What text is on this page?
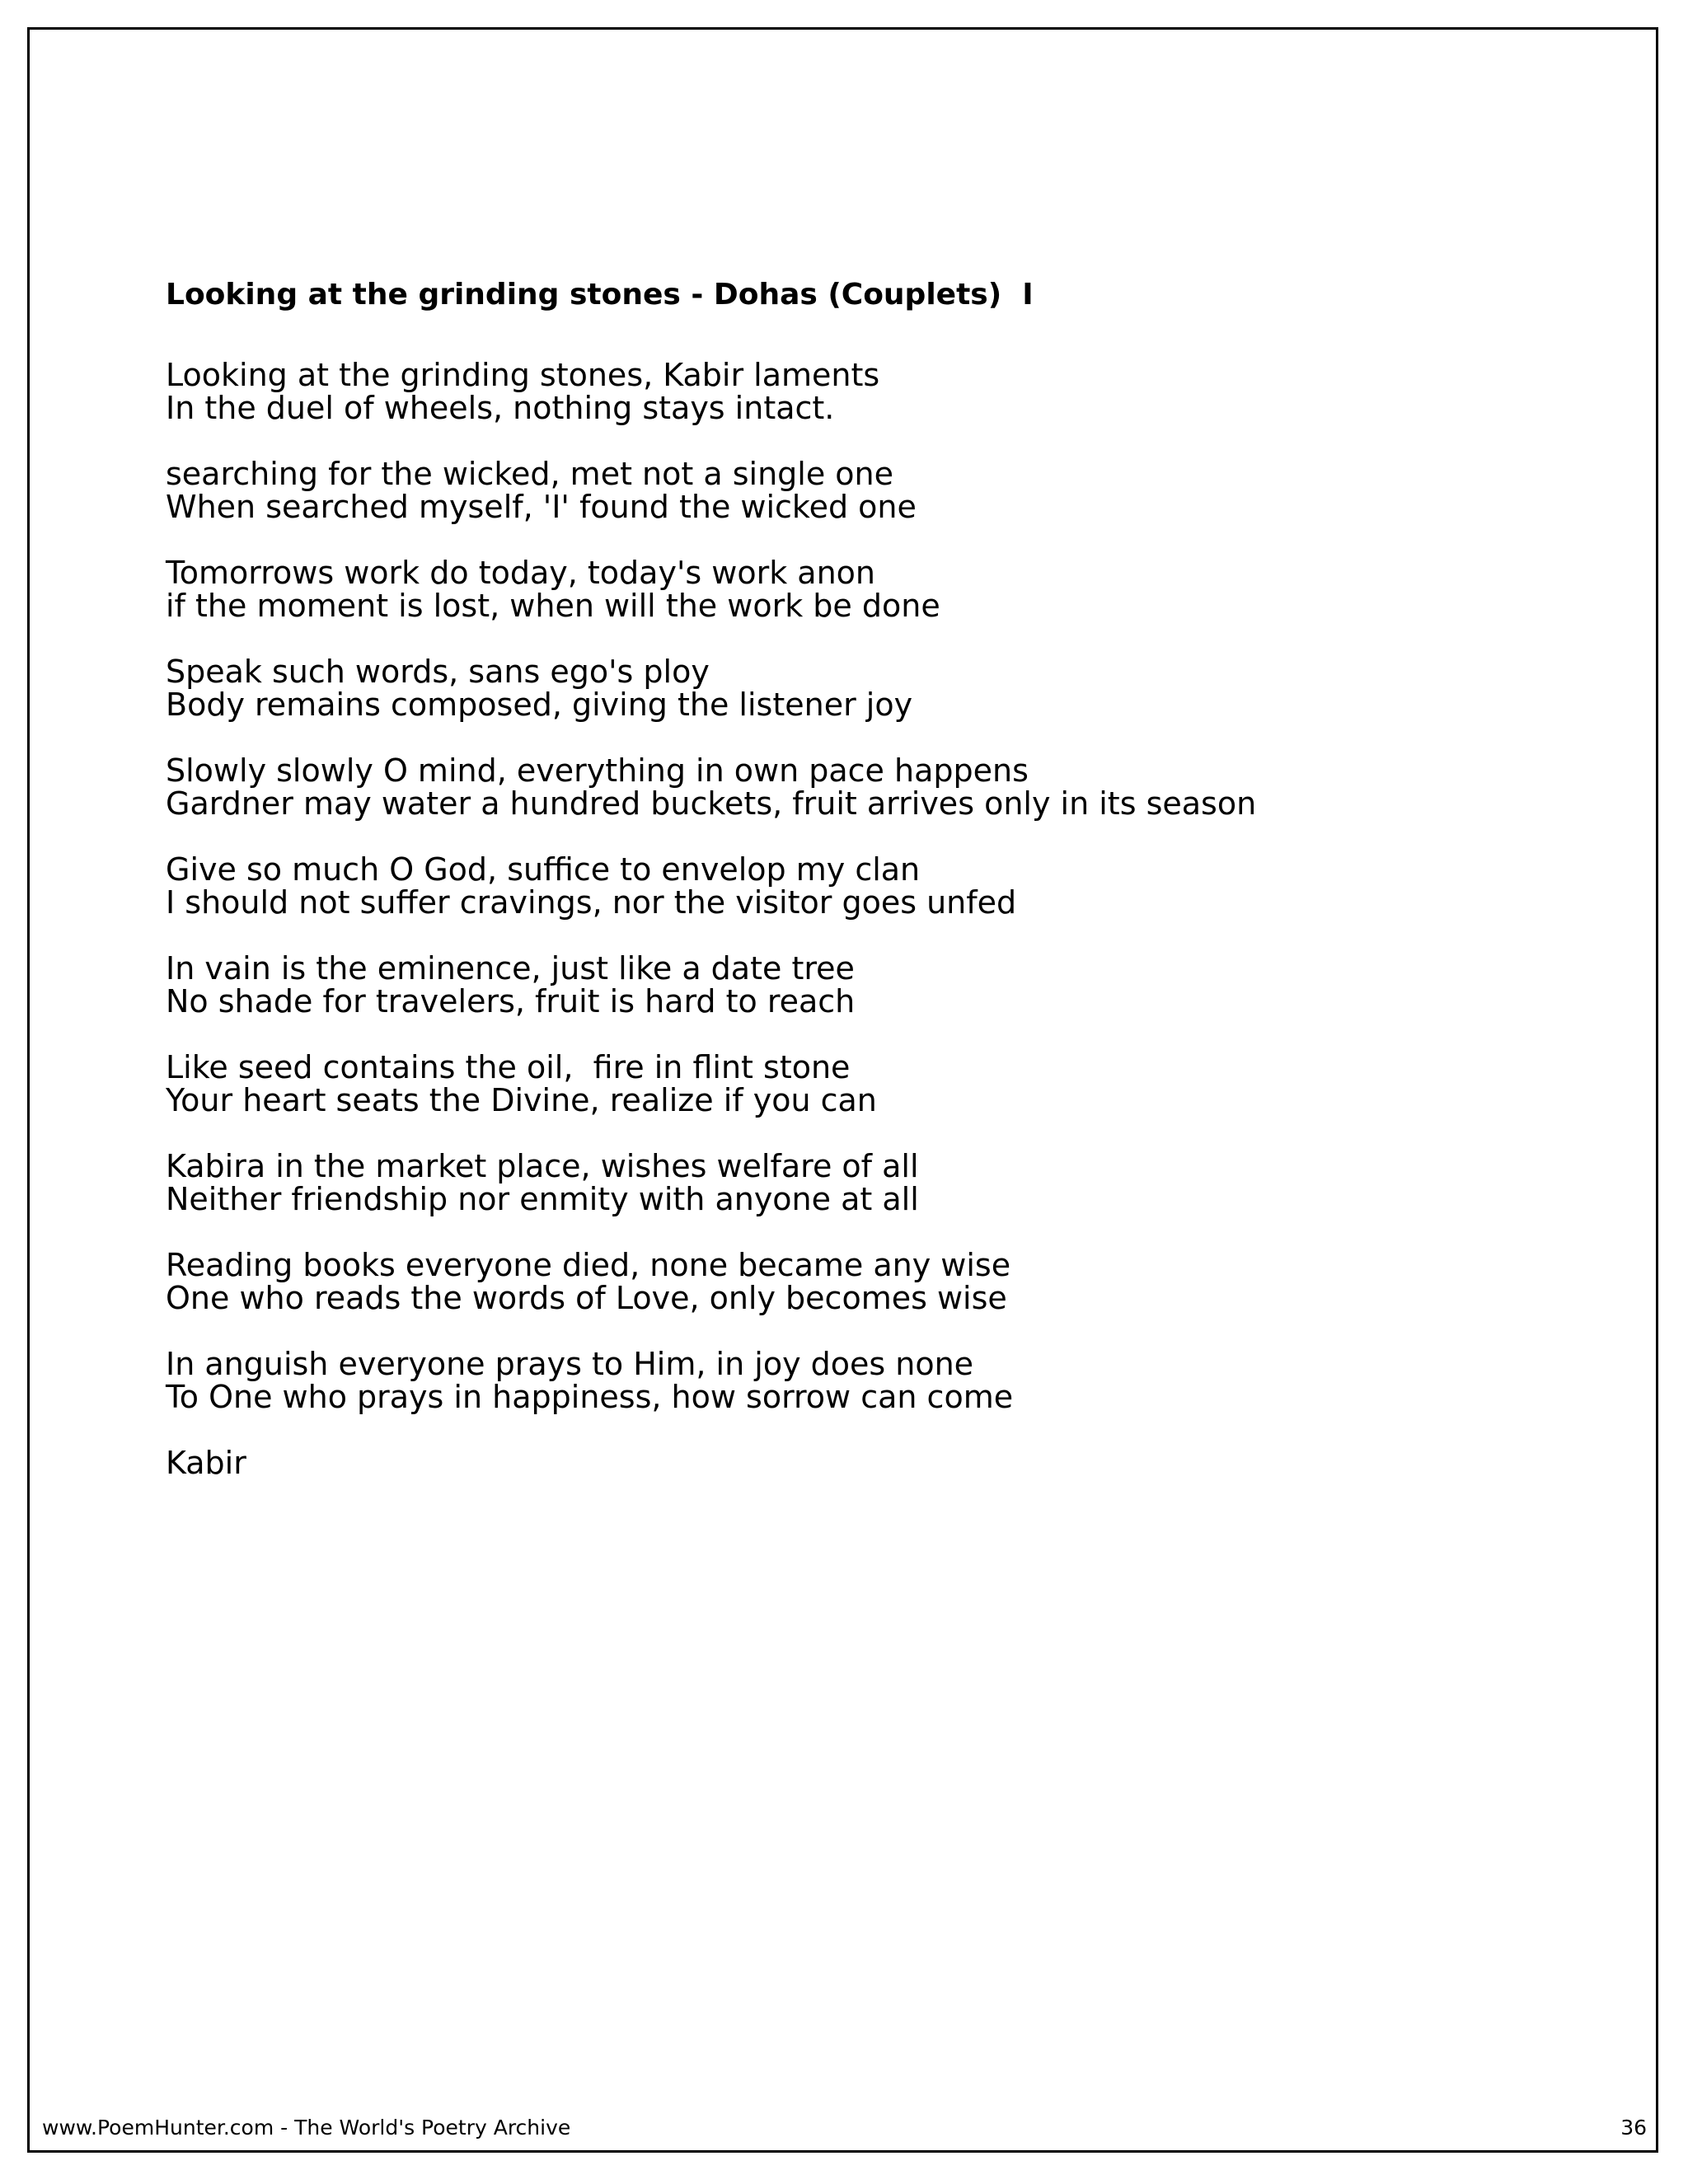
Looking at the grinding stones - Dohas (Couplets)  I
Looking at the grinding stones, Kabir laments
In the duel of wheels, nothing stays intact.
searching for the wicked, met not a single one
When searched myself, 'I' found the wicked one
Tomorrows work do today, today's work anon
if the moment is lost, when will the work be done
Speak such words, sans ego's ploy
Body remains composed, giving the listener joy
Slowly slowly O mind, everything in own pace happens
Gardner may water a hundred buckets, fruit arrives only in its season
Give so much O God, suffice to envelop my clan
I should not suffer cravings, nor the visitor goes unfed
In vain is the eminence, just like a date tree
No shade for travelers, fruit is hard to reach
Like seed contains the oil,  fire in flint stone
Your heart seats the Divine, realize if you can
Kabira in the market place, wishes welfare of all
Neither friendship nor enmity with anyone at all
Reading books everyone died, none became any wise
One who reads the words of Love, only becomes wise
In anguish everyone prays to Him, in joy does none
To One who prays in happiness, how sorrow can come
Kabir
www.PoemHunter.com - The World's Poetry Archive	36
